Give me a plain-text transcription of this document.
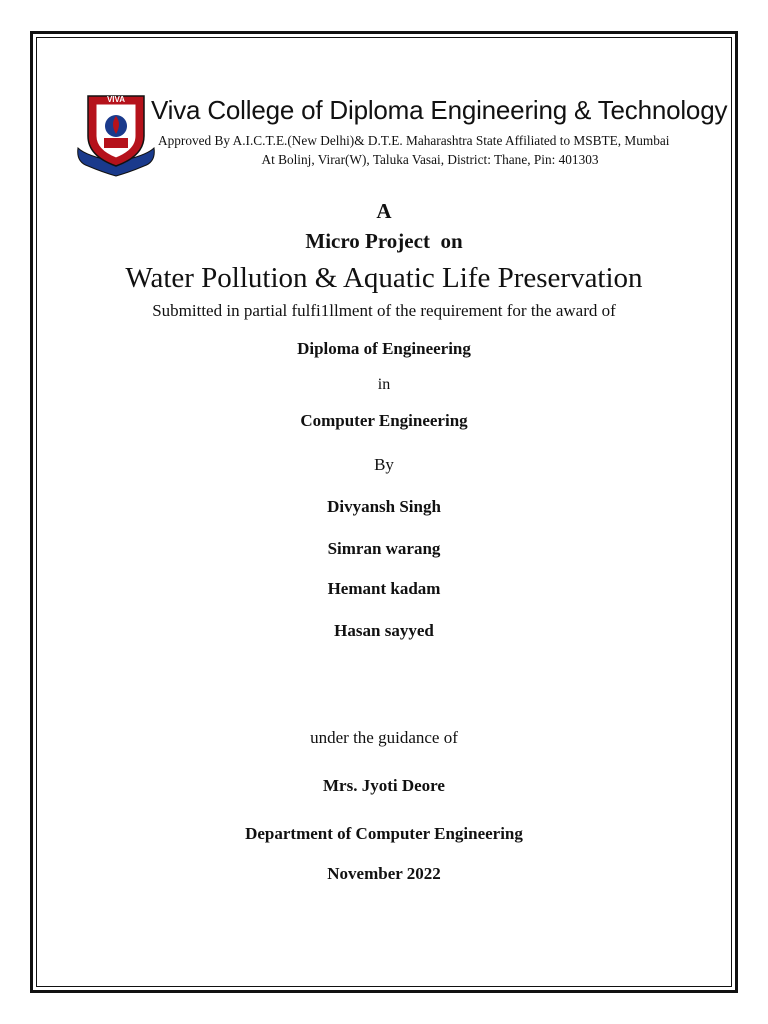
VIVA Viva College of Diploma Engineering & Technology
Approved By A.I.C.T.E.(New Delhi)& D.T.E. Maharashtra State Affiliated to MSBTE, Mumbai
At Bolinj, Virar(W), Taluka Vasai, District: Thane, Pin: 401303
A
Micro Project  on
Water Pollution & Aquatic Life Preservation
Submitted in partial fulfi1llment of the requirement for the award of
Diploma of Engineering
in
Computer Engineering
By
Divyansh Singh
Simran warang
Hemant kadam
Hasan sayyed
under the guidance of
Mrs. Jyoti Deore
Department of Computer Engineering
November 2022
